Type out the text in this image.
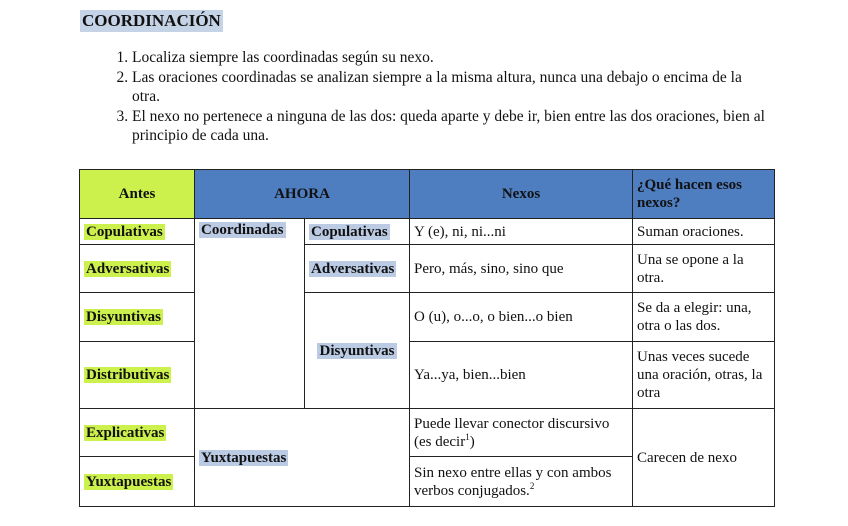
COORDINACIÓN
1. Localiza siempre las coordinadas según su nexo.
2. Las oraciones coordinadas se analizan siempre a la misma altura, nunca una debajo o encima de la otra.
3. El nexo no pertenece a ninguna de las dos: queda aparte y debe ir, bien entre las dos oraciones, bien al principio de cada una.
Antes	AHORA		Nexos	¿Qué hacen esos nexos?
Copulativas	Coordinadas	Copulativas	Y (e), ni, ni...ni	Suman oraciones.
Adversativas		Adversativas	Pero, más, sino, sino que	Una se opone a la otra.
Disyuntivas		Disyuntivas	O (u), o...o, o bien...o bien	Se da a elegir: una, otra o las dos.
Distributivas			Ya...ya, bien...bien	Unas veces sucede una oración, otras, la otra
Explicativas	Yuxtapuestas		Puede llevar conector discursivo (es decir$^1$)	Carecen de nexo
Yuxtapuestas			Sin nexo entre ellas y con ambos verbos conjugados.$^2$
